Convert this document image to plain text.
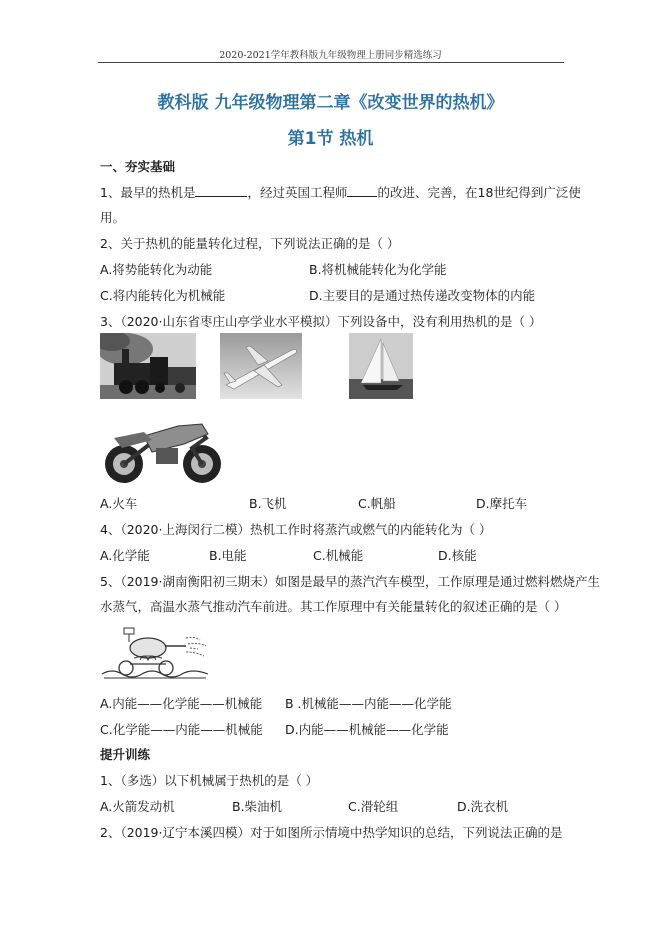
2020-2021学年教科版九年级物理上册同步精选练习
教科版 九年级物理第二章《改变世界的热机》
第1节 热机
一、夯实基础
1、最早的热机是	，经过英国工程师 的改进、完善，在18世纪得到广泛使
用。
2、关于热机的能量转化过程，下列说法正确的是（ ）
A.将势能转化为动能	B.将机械能转化为化学能
C.将内能转化为机械能	D.主要目的是通过热传递改变物体的内能
3、（2020·山东省枣庄山亭学业水平模拟）下列设备中，没有利用热机的是（ ）
A.火车	B.飞机	C.帆船	D.摩托车
4、（2020·上海闵行二模）热机工作时将蒸汽或燃气的内能转化为（ ）
A.化学能	B.电能	C.机械能	D.核能
5、（2019·湖南衡阳初三期末）如图是最早的蒸汽汽车模型，工作原理是通过燃料燃烧产生
水蒸气，高温水蒸气推动汽车前进。其工作原理中有关能量转化的叙述正确的是（ ）
A.内能——化学能——机械能 B .机械能——内能——化学能
C.化学能——内能——机械能 D.内能——机械能——化学能
提升训练
1、（多选）以下机械属于热机的是（ ）
A.火箭发动机	B.柴油机	C.滑轮组	D.洗衣机
2、（2019·辽宁本溪四模）对于如图所示情境中热学知识的总结，下列说法正确的是
